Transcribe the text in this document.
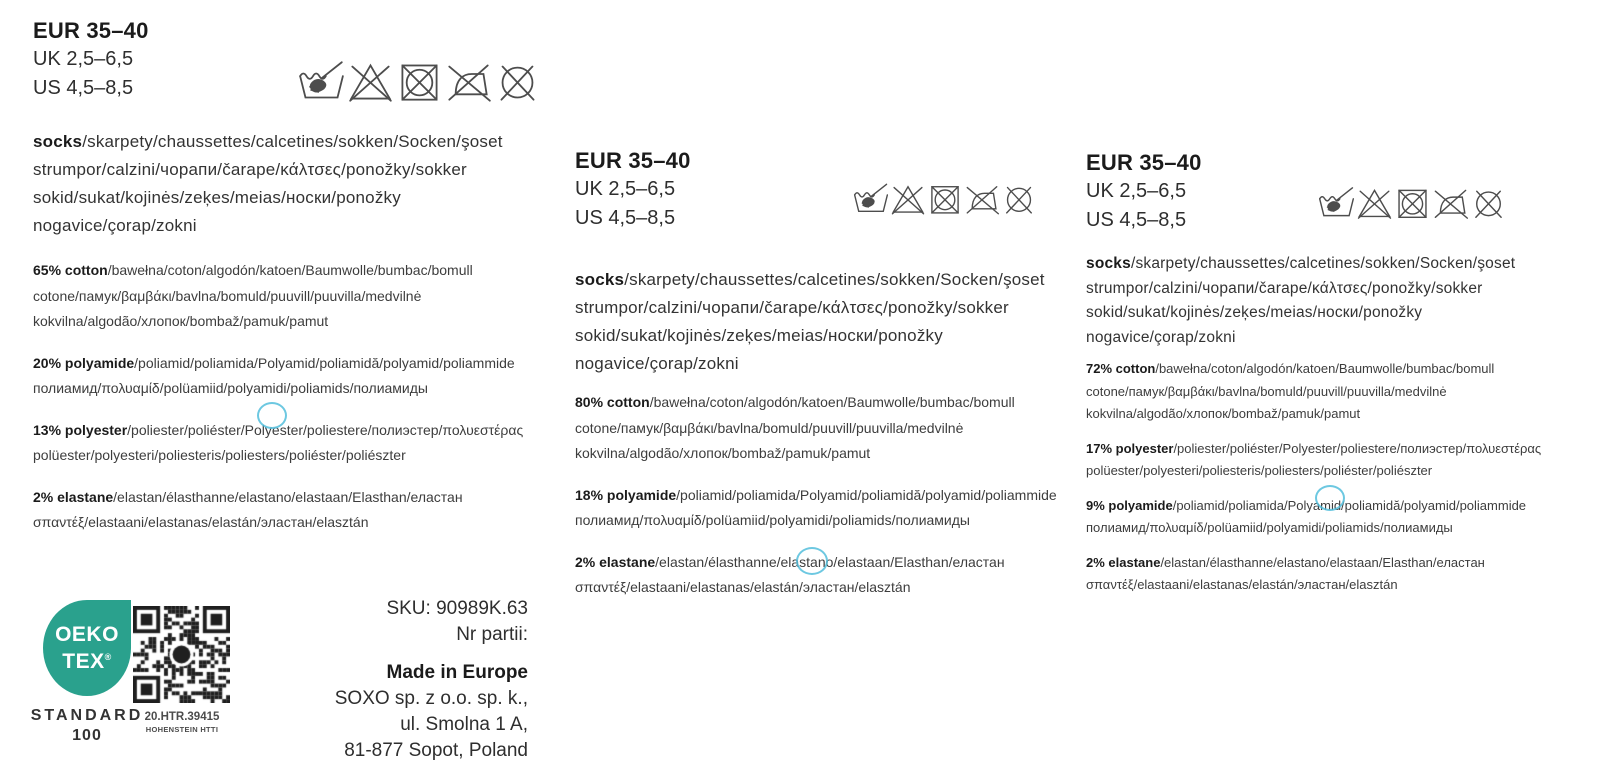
EUR 35–40
UK 2,5–6,5
US 4,5–8,5
socks/skarpety/chaussettes/calcetines/sokken/Socken/şoset
strumpor/calzini/чорапи/čarape/κάλτσες/ponožky/sokker
sokid/sukat/kojinės/zeķes/meias/носки/ponožky
nogavice/çorap/zokni

65% cotton/bawełna/coton/algodón/katoen/Baumwolle/bumbac/bomull
cotone/памук/βαμβάκι/bavlna/bomuld/puuvill/puuvilla/medvilnė
kokvilna/algodão/хлопок/bombaž/pamuk/pamut

20% polyamide/poliamid/poliamida/Polyamid/poliamidă/polyamid/poliammide
полиамид/πολυαμίδ/polüamiid/polyamidi/poliamids/полиамиды

13% polyester/poliester/poliéster/Polyester/poliestere/полиэстер/πολυεστέρας
polüester/polyesteri/poliesteris/poliesters/poliéster/poliészter

2% elastane/elastan/élasthanne/elastano/elastaan/Elasthan/еластан
σπαντέξ/elastaani/elastanas/elastán/эластан/elasztán

EUR 35–40
UK 2,5–6,5
US 4,5–8,5
socks/skarpety/chaussettes/calcetines/sokken/Socken/şoset
strumpor/calzini/чорапи/čarape/κάλτσες/ponožky/sokker
sokid/sukat/kojinės/zeķes/meias/носки/ponožky
nogavice/çorap/zokni

80% cotton/bawełna/coton/algodón/katoen/Baumwolle/bumbac/bomull
cotone/памук/βαμβάκι/bavlna/bomuld/puuvill/puuvilla/medvilnė
kokvilna/algodão/хлопок/bombaž/pamuk/pamut

18% polyamide/poliamid/poliamida/Polyamid/poliamidă/polyamid/poliammide
полиамид/πολυαμίδ/polüamiid/polyamidi/poliamids/полиамиды

2% elastane/elastan/élasthanne/elastano/elastaan/Elasthan/еластан
σπαντέξ/elastaani/elastanas/elastán/эластан/elasztán

EUR 35–40
UK 2,5–6,5
US 4,5–8,5
socks/skarpety/chaussettes/calcetines/sokken/Socken/şoset
strumpor/calzini/чорапи/čarape/κάλτσες/ponožky/sokker
sokid/sukat/kojinės/zeķes/meias/носки/ponožky
nogavice/çorap/zokni

72% cotton/bawełna/coton/algodón/katoen/Baumwolle/bumbac/bomull
cotone/памук/βαμβάκι/bavlna/bomuld/puuvill/puuvilla/medvilnė
kokvilna/algodão/хлопок/bombaž/pamuk/pamut

17% polyester/poliester/poliéster/Polyester/poliestere/полиэстер/πολυεστέρας
polüester/polyesteri/poliesteris/poliesters/poliéster/poliészter

9% polyamide/poliamid/poliamida/Polyamid/poliamidă/polyamid/poliammide
полиамид/πολυαμίδ/polüamiid/polyamidi/poliamids/полиамиды

2% elastane/elastan/élasthanne/elastano/elastaan/Elasthan/еластан
σπαντέξ/elastaani/elastanas/elastán/эластан/elasztán

OEKO
TEX®
STANDARD
100
20.HTR.39415
HOHENSTEIN HTTI
SKU: 90989K.63
Nr partii:
Made in Europe
SOXO sp. z o.o. sp. k.,
ul. Smolna 1 A,
81-877 Sopot, Poland
